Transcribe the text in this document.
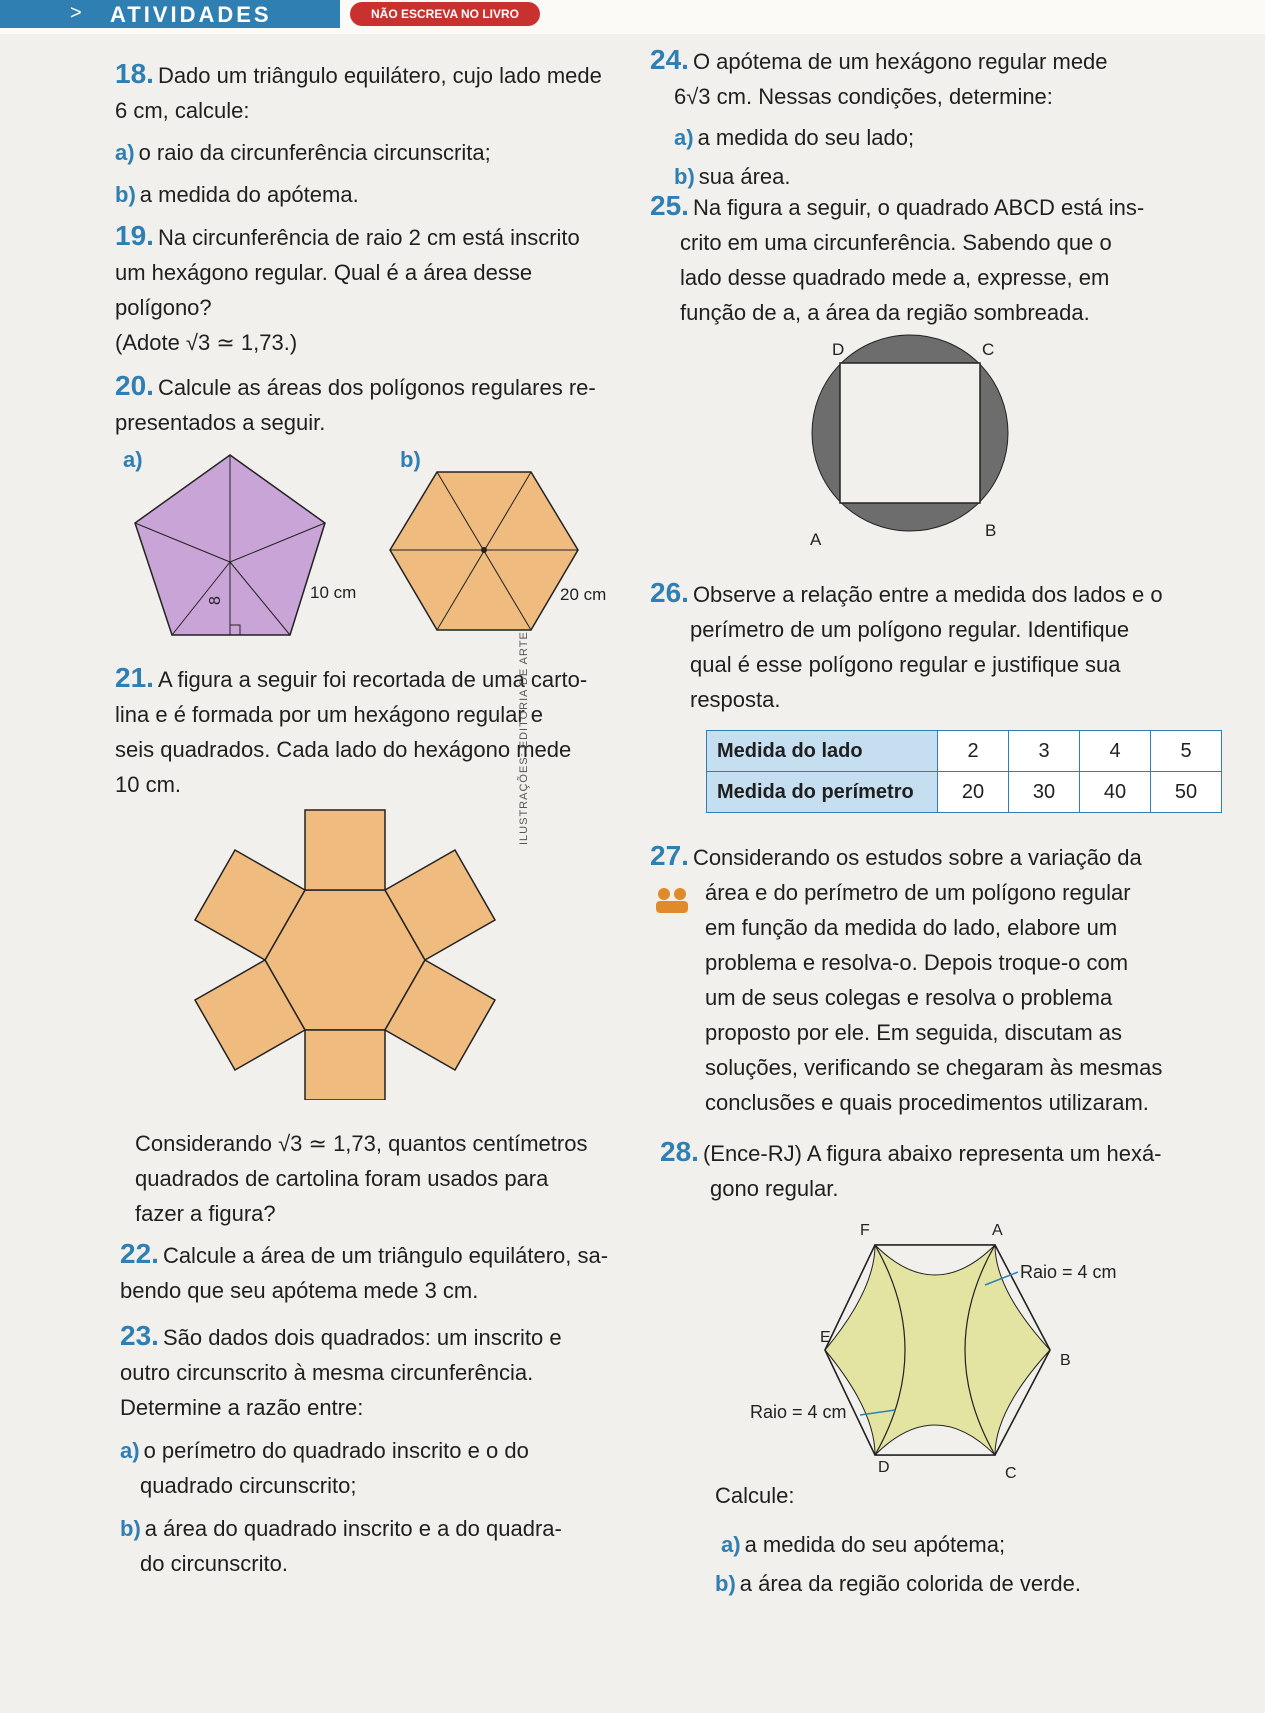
> ATIVIDADES	NÃO ESCREVA NO LIVRO
18. Dado um triângulo equilátero, cujo lado mede
6 cm, calcule:
a) o raio da circunferência circunscrita;
b) a medida do apótema.
19. Na circunferência de raio 2 cm está inscrito
um hexágono regular. Qual é a área desse
polígono?
(Adote √3 ≃ 1,73.)
20. Calcule as áreas dos polígonos regulares re-
presentados a seguir.
a)	b)
8	10 cm	20 cm
21. A figura a seguir foi recortada de uma carto-
lina e é formada por um hexágono regular e
seis quadrados. Cada lado do hexágono mede
10 cm.	ILUSTRAÇÕES: EDITORIA DE ARTE
Considerando √3 ≃ 1,73, quantos centímetros
quadrados de cartolina foram usados para
fazer a figura?
22. Calcule a área de um triângulo equilátero, sa-
bendo que seu apótema mede 3 cm.
23. São dados dois quadrados: um inscrito e
outro circunscrito à mesma circunferência.
Determine a razão entre:
a) o perímetro do quadrado inscrito e o do
quadrado circunscrito;
b) a área do quadrado inscrito e a do quadra-
do circunscrito.
24. O apótema de um hexágono regular mede
6√3 cm. Nessas condições, determine:
a) a medida do seu lado;
b) sua área.
25. Na figura a seguir, o quadrado ABCD está ins-
crito em uma circunferência. Sabendo que o
lado desse quadrado mede a, expresse, em
função de a, a área da região sombreada.
D	C
A	B
26. Observe a relação entre a medida dos lados e o
perímetro de um polígono regular. Identifique
qual é esse polígono regular e justifique sua
resposta.
Medida do lado	2	3	4	5
Medida do perímetro	20	30	40	50
27. Considerando os estudos sobre a variação da
área e do perímetro de um polígono regular
em função da medida do lado, elabore um
problema e resolva-o. Depois troque-o com
um de seus colegas e resolva o problema
proposto por ele. Em seguida, discutam as
soluções, verificando se chegaram às mesmas
conclusões e quais procedimentos utilizaram.
28. (Ence-RJ) A figura abaixo representa um hexá-
gono regular.
F	A
B
C
D
E
Raio = 4 cm
Raio = 4 cm
Calcule:
a) a medida do seu apótema;
b) a área da região colorida de verde.
